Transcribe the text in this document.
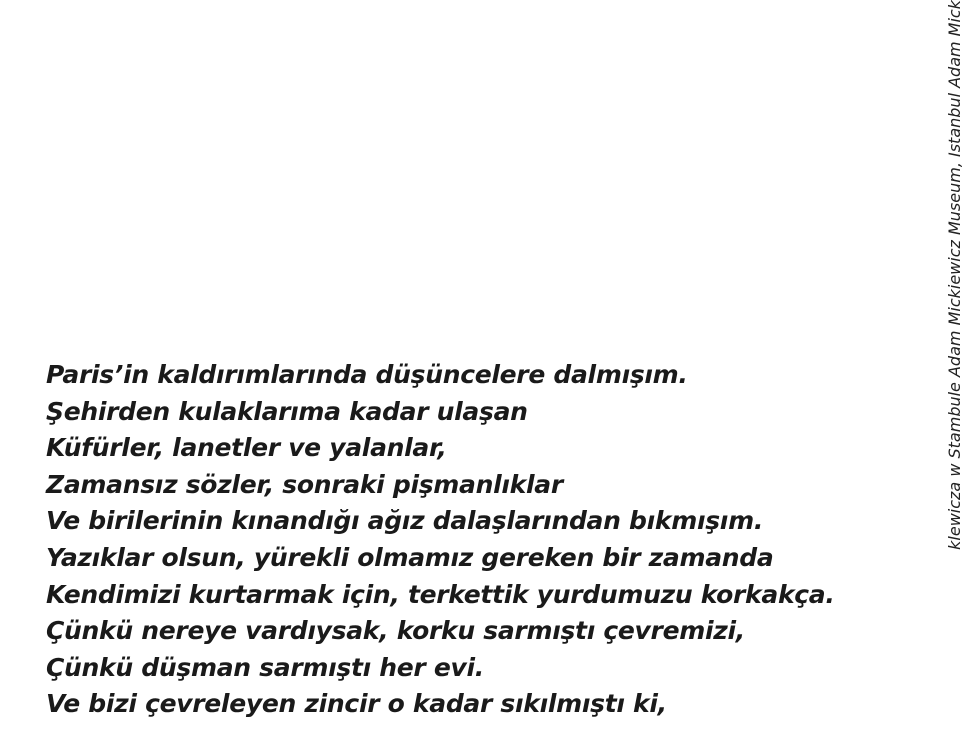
Paris’in kaldırımlarında düşüncelere dalmışım.
Şehirden kulaklarıma kadar ulaşan
Küfürler, lanetler ve yalanlar,
Zamansız sözler, sonraki pişmanlıklar
Ve birilerinin kınandığı ağız dalaşlarından bıkmışım.
Yazıklar olsun, yürekli olmamız gereken bir zamanda
Kendimizi kurtarmak için, terkettik yurdumuzu korkakça.
Çünkü nereye vardıysak, korku sarmıştı çevremizi,
Çünkü düşman sarmıştı her evi.
Ve bizi çevreleyen zincir o kadar sıkılmıştı ki,
klewicza w Stambule Adam Mickiewicz Museum, Istanbul Adam Mick
